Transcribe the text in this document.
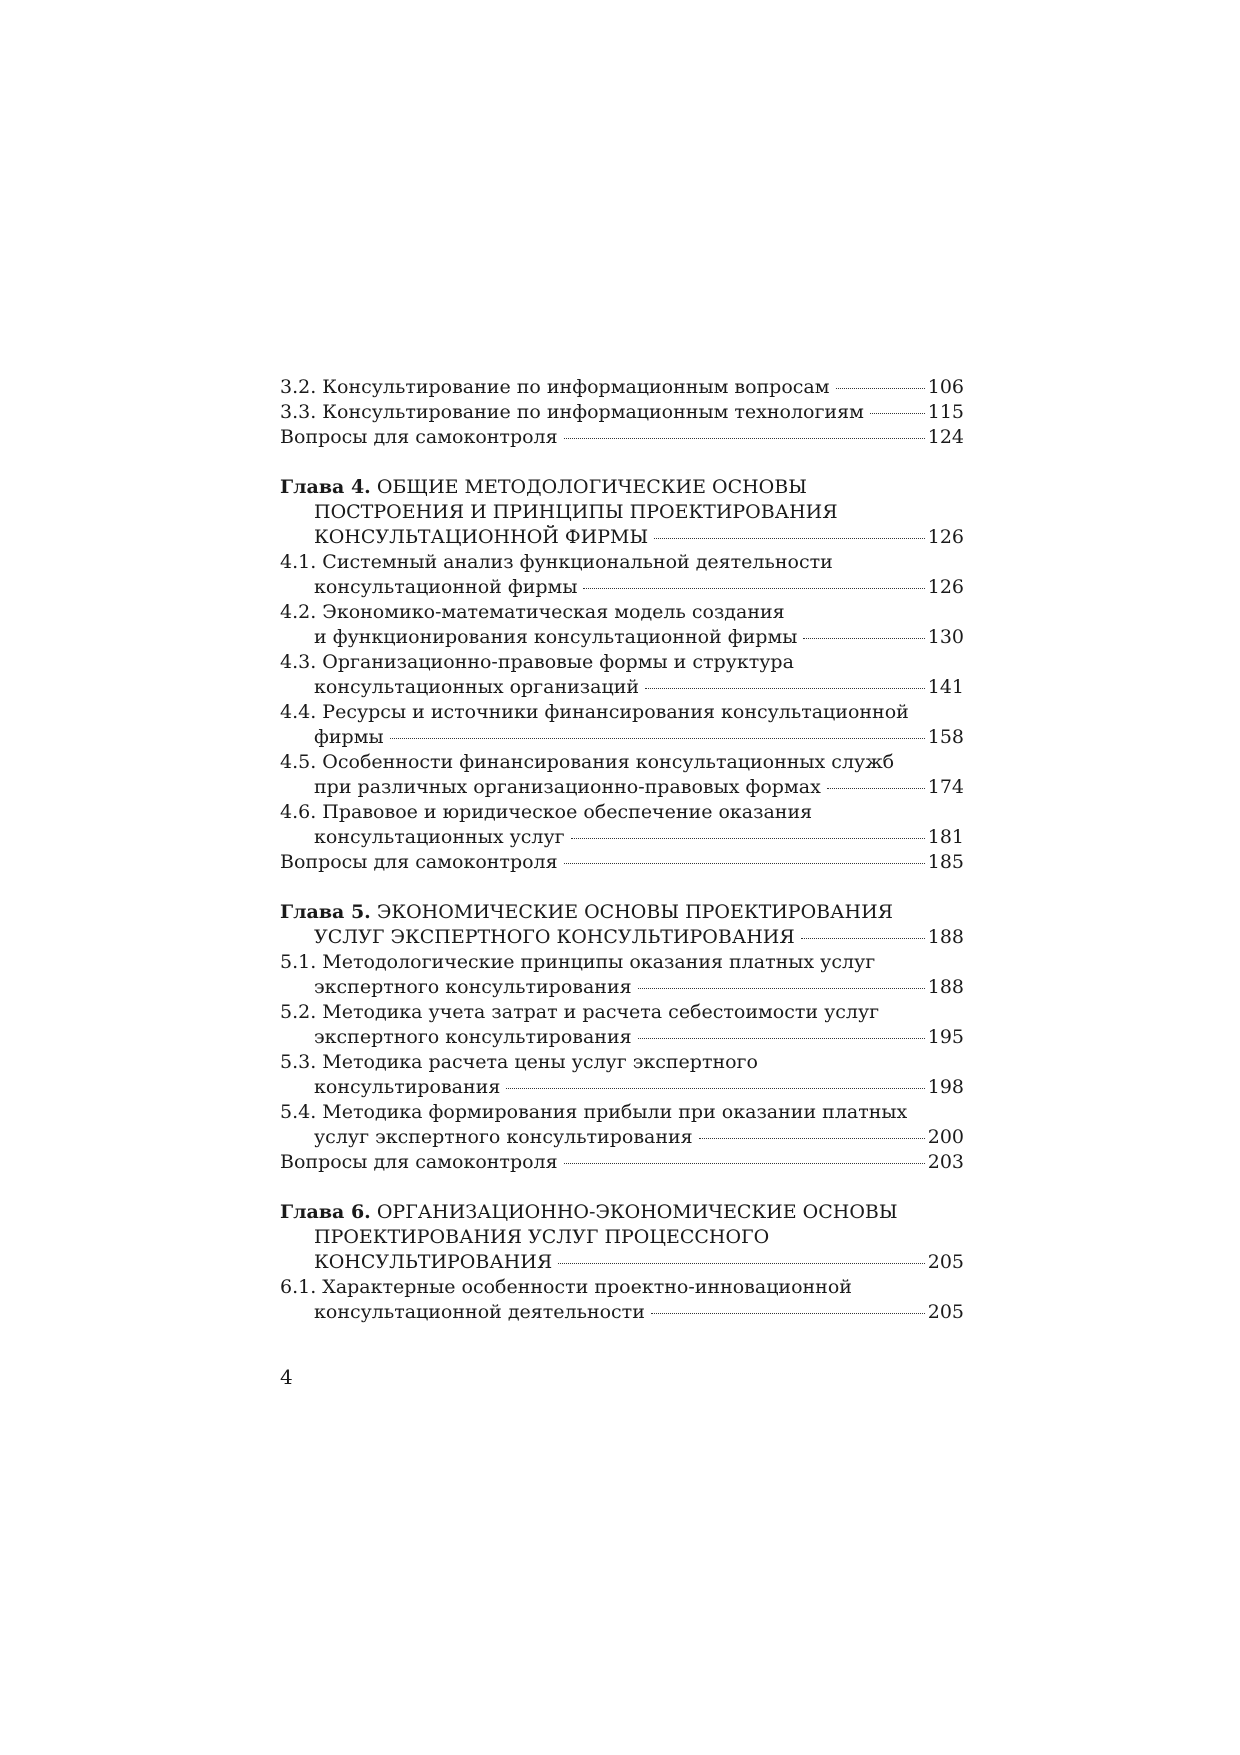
3.2. Консультирование по информационным вопросам	106
3.3. Консультирование по информационным технологиям	115
Вопросы для самоконтроля	124
Глава 4. ОБЩИЕ МЕТОДОЛОГИЧЕСКИЕ ОСНОВЫ
ПОСТРОЕНИЯ И ПРИНЦИПЫ ПРОЕКТИРОВАНИЯ
КОНСУЛЬТАЦИОННОЙ ФИРМЫ	126
4.1. Системный анализ функциональной деятельности
консультационной фирмы	126
4.2. Экономико-математическая модель создания
и функционирования консультационной фирмы	130
4.3. Организационно-правовые формы и структура
консультационных организаций	141
4.4. Ресурсы и источники финансирования консультационной
фирмы	158
4.5. Особенности финансирования консультационных служб
при различных организационно-правовых формах	174
4.6. Правовое и юридическое обеспечение оказания
консультационных услуг	181
Вопросы для самоконтроля	185
Глава 5. ЭКОНОМИЧЕСКИЕ ОСНОВЫ ПРОЕКТИРОВАНИЯ
УСЛУГ ЭКСПЕРТНОГО КОНСУЛЬТИРОВАНИЯ	188
5.1. Методологические принципы оказания платных услуг
экспертного консультирования	188
5.2. Методика учета затрат и расчета себестоимости услуг
экспертного консультирования	195
5.3. Методика расчета цены услуг экспертного
консультирования	198
5.4. Методика формирования прибыли при оказании платных
услуг экспертного консультирования	200
Вопросы для самоконтроля	203
Глава 6. ОРГАНИЗАЦИОННО-ЭКОНОМИЧЕСКИЕ ОСНОВЫ
ПРОЕКТИРОВАНИЯ УСЛУГ ПРОЦЕССНОГО
КОНСУЛЬТИРОВАНИЯ	205
6.1. Характерные особенности проектно-инновационной
консультационной деятельности	205
4
